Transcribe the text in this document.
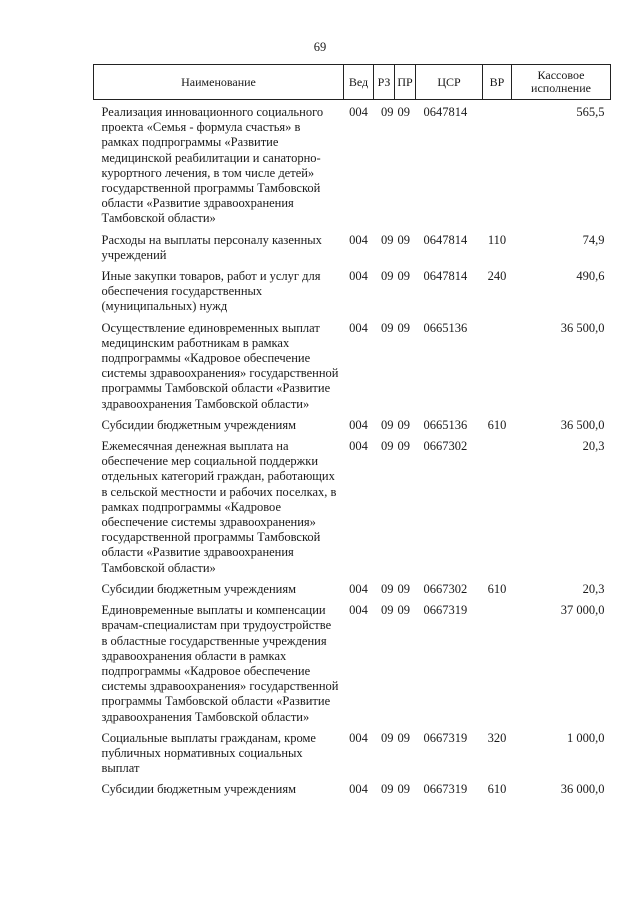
69
Наименование	Вед	РЗ	ПР	ЦСР	ВР	Кассовое исполнение
Реализация инновационного социального проекта «Семья - формула счастья» в рамках подпрограммы «Развитие медицинской реабилитации и санаторно-курортного лечения, в том числе детей» государственной программы Тамбовской области «Развитие здравоохранения Тамбовской области»	004	09	09	0647814		565,5
Расходы на выплаты персоналу казенных учреждений	004	09	09	0647814	110	74,9
Иные закупки товаров, работ и услуг для обеспечения государственных (муниципальных) нужд	004	09	09	0647814	240	490,6
Осуществление единовременных выплат медицинским работникам в рамках подпрограммы «Кадровое обеспечение системы здравоохранения» государственной программы Тамбовской области «Развитие здравоохранения Тамбовской области»	004	09	09	0665136		36 500,0
Субсидии бюджетным учреждениям	004	09	09	0665136	610	36 500,0
Ежемесячная денежная выплата на обеспечение мер социальной поддержки отдельных категорий граждан, работающих в сельской местности и рабочих поселках, в рамках подпрограммы «Кадровое обеспечение системы здравоохранения» государственной программы Тамбовской области «Развитие здравоохранения Тамбовской области»	004	09	09	0667302		20,3
Субсидии бюджетным учреждениям	004	09	09	0667302	610	20,3
Единовременные выплаты и компенсации врачам-специалистам при трудоустройстве в областные государственные учреждения здравоохранения области в рамках подпрограммы «Кадровое обеспечение системы здравоохранения» государственной программы Тамбовской области «Развитие здравоохранения Тамбовской области»	004	09	09	0667319		37 000,0
Социальные выплаты гражданам, кроме публичных нормативных социальных выплат	004	09	09	0667319	320	1 000,0
Субсидии бюджетным учреждениям	004	09	09	0667319	610	36 000,0
